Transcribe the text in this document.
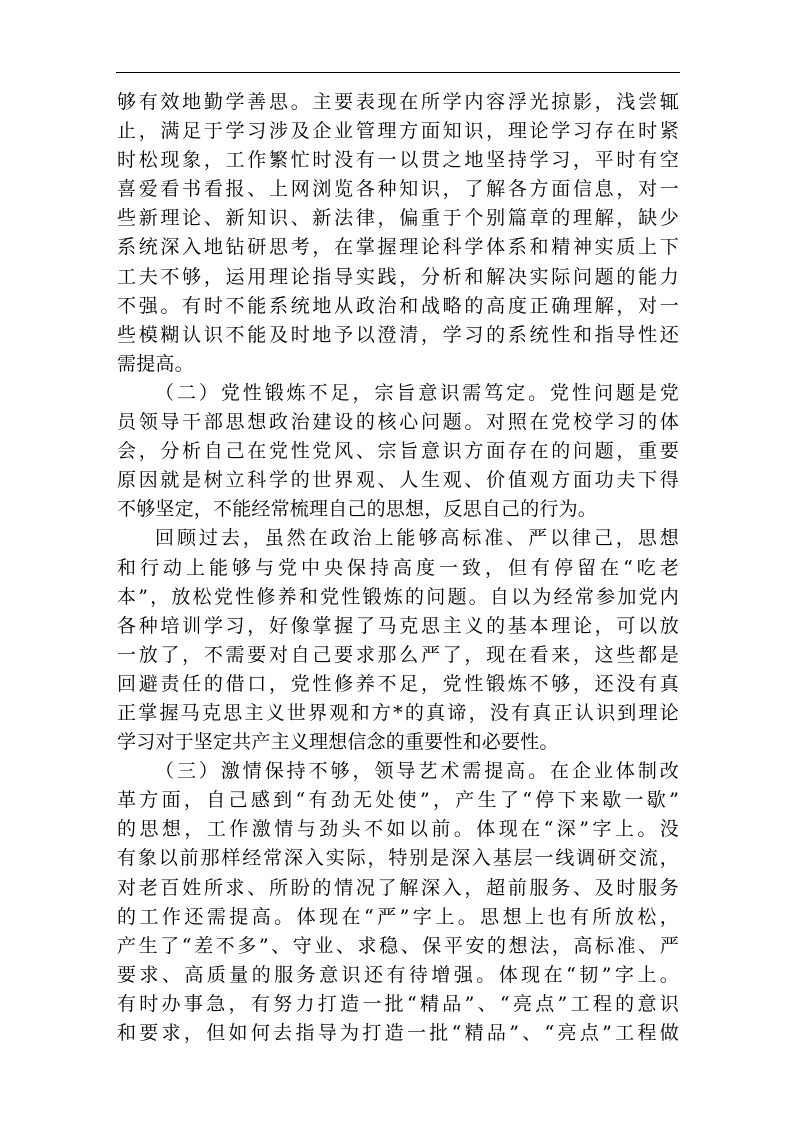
够有效地勤学善思。主要表现在所学内容浮光掠影，浅尝辄
止，满足于学习涉及企业管理方面知识，理论学习存在时紧
时松现象，工作繁忙时没有一以贯之地坚持学习，平时有空
喜爱看书看报、上网浏览各种知识，了解各方面信息，对一
些新理论、新知识、新法律，偏重于个别篇章的理解，缺少
系统深入地钻研思考，在掌握理论科学体系和精神实质上下
工夫不够，运用理论指导实践，分析和解决实际问题的能力
不强。有时不能系统地从政治和战略的高度正确理解，对一
些模糊认识不能及时地予以澄清，学习的系统性和指导性还
需提高。
（二）党性锻炼不足，宗旨意识需笃定。党性问题是党
员领导干部思想政治建设的核心问题。对照在党校学习的体
会，分析自己在党性党风、宗旨意识方面存在的问题，重要
原因就是树立科学的世界观、人生观、价值观方面功夫下得
不够坚定，不能经常梳理自己的思想，反思自己的行为。
回顾过去，虽然在政治上能够高标准、严以律己，思想
和行动上能够与党中央保持高度一致，但有停留在“吃老
本”，放松党性修养和党性锻炼的问题。自以为经常参加党内
各种培训学习，好像掌握了马克思主义的基本理论，可以放
一放了，不需要对自己要求那么严了，现在看来，这些都是
回避责任的借口，党性修养不足，党性锻炼不够，还没有真
正掌握马克思主义世界观和方*的真谛，没有真正认识到理论
学习对于坚定共产主义理想信念的重要性和必要性。
（三）激情保持不够，领导艺术需提高。在企业体制改
革方面，自己感到“有劲无处使”，产生了“停下来歇一歇”
的思想，工作激情与劲头不如以前。体现在“深”字上。没
有象以前那样经常深入实际，特别是深入基层一线调研交流，
对老百姓所求、所盼的情况了解深入，超前服务、及时服务
的工作还需提高。体现在“严”字上。思想上也有所放松，
产生了“差不多”、守业、求稳、保平安的想法，高标准、严
要求、高质量的服务意识还有待增强。体现在“韧”字上。
有时办事急，有努力打造一批“精品”、“亮点”工程的意识
和要求，但如何去指导为打造一批“精品”、“亮点”工程做
